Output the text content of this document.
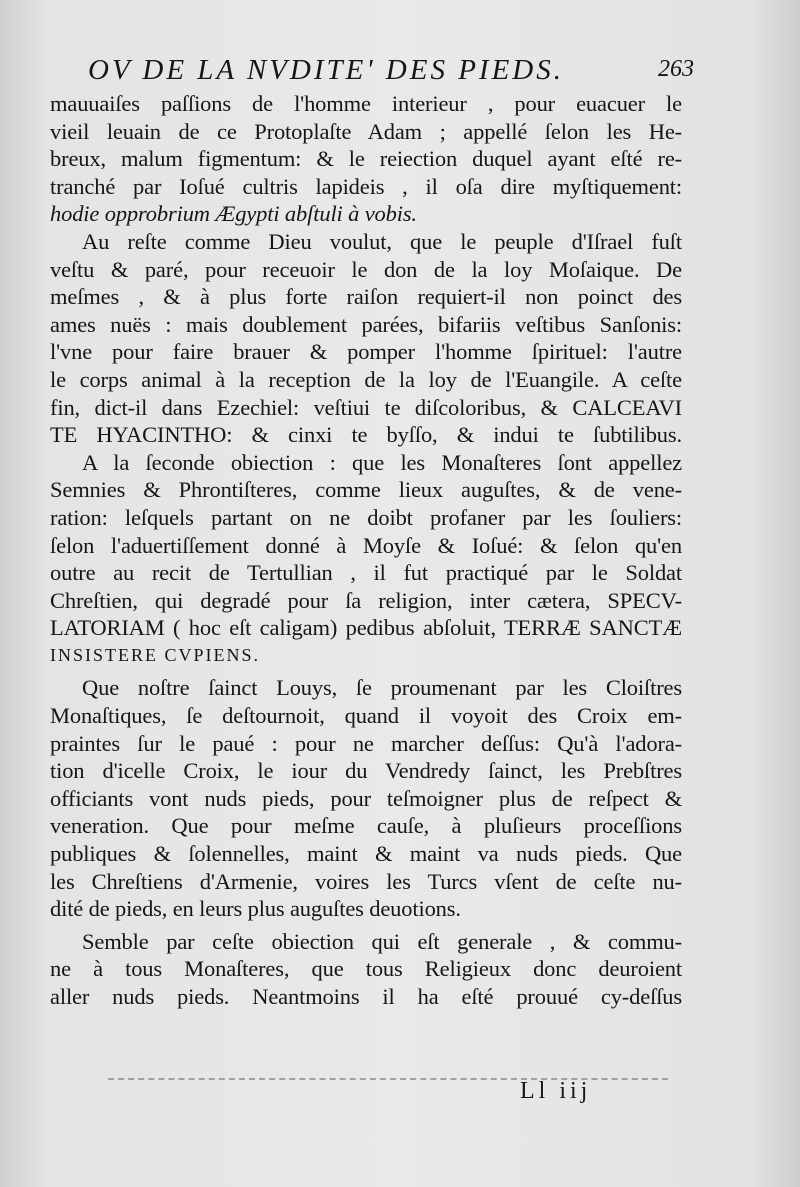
OV DE LA NVDITE' DES PIEDS.	263
mauuaiſes paſſions de l'homme interieur , pour euacuer le
vieil leuain de ce Protoplaſte Adam ; appellé ſelon les He-
breux, malum figmentum: & le reiection duquel ayant eſté re-
tranché par Ioſué cultris lapideis , il oſa dire myſtiquement:
hodie opprobrium Ægypti abſtuli à vobis.
Au reſte comme Dieu voulut, que le peuple d'Iſrael fuſt
veſtu & paré, pour receuoir le don de la loy Moſaique. De
meſmes , & à plus forte raiſon requiert-il non poinct des
ames nuës : mais doublement parées, bifariis veſtibus Sanſonis:
l'vne pour faire brauer & pomper l'homme ſpirituel: l'autre
le corps animal à la reception de la loy de l'Euangile. A ceſte
fin, dict-il dans Ezechiel: veſtiui te diſcoloribus, & CALCEAVI
TE HYACINTHO: & cinxi te byſſo, & indui te ſubtilibus.
A la ſeconde obiection : que les Monaſteres ſont appellez
Semnies & Phrontiſteres, comme lieux auguſtes, & de vene-
ration: leſquels partant on ne doibt profaner par les ſouliers:
ſelon l'aduertiſſement donné à Moyſe & Ioſué: & ſelon qu'en
outre au recit de Tertullian , il fut practiqué par le Soldat
Chreſtien, qui degradé pour ſa religion, inter cætera, SPECV-
LATORIAM ( hoc eſt caligam) pedibus abſoluit, TERRÆ SANCTÆ
INSISTERE CVPIENS.
Que noſtre ſainct Louys, ſe proumenant par les Cloiſtres
Monaſtiques, ſe deſtournoit, quand il voyoit des Croix em-
praintes ſur le paué : pour ne marcher deſſus: Qu'à l'adora-
tion d'icelle Croix, le iour du Vendredy ſainct, les Prebſtres
officiants vont nuds pieds, pour teſmoigner plus de reſpect &
veneration. Que pour meſme cauſe, à pluſieurs proceſſions
publiques & ſolennelles, maint & maint va nuds pieds. Que
les Chreſtiens d'Armenie, voires les Turcs vſent de ceſte nu-
dité de pieds, en leurs plus auguſtes deuotions.
Semble par ceſte obiection qui eſt generale , & commu-
ne à tous Monaſteres, que tous Religieux donc deuroient
aller nuds pieds. Neantmoins il ha eſté prouué cy-deſſus
Ll iij
